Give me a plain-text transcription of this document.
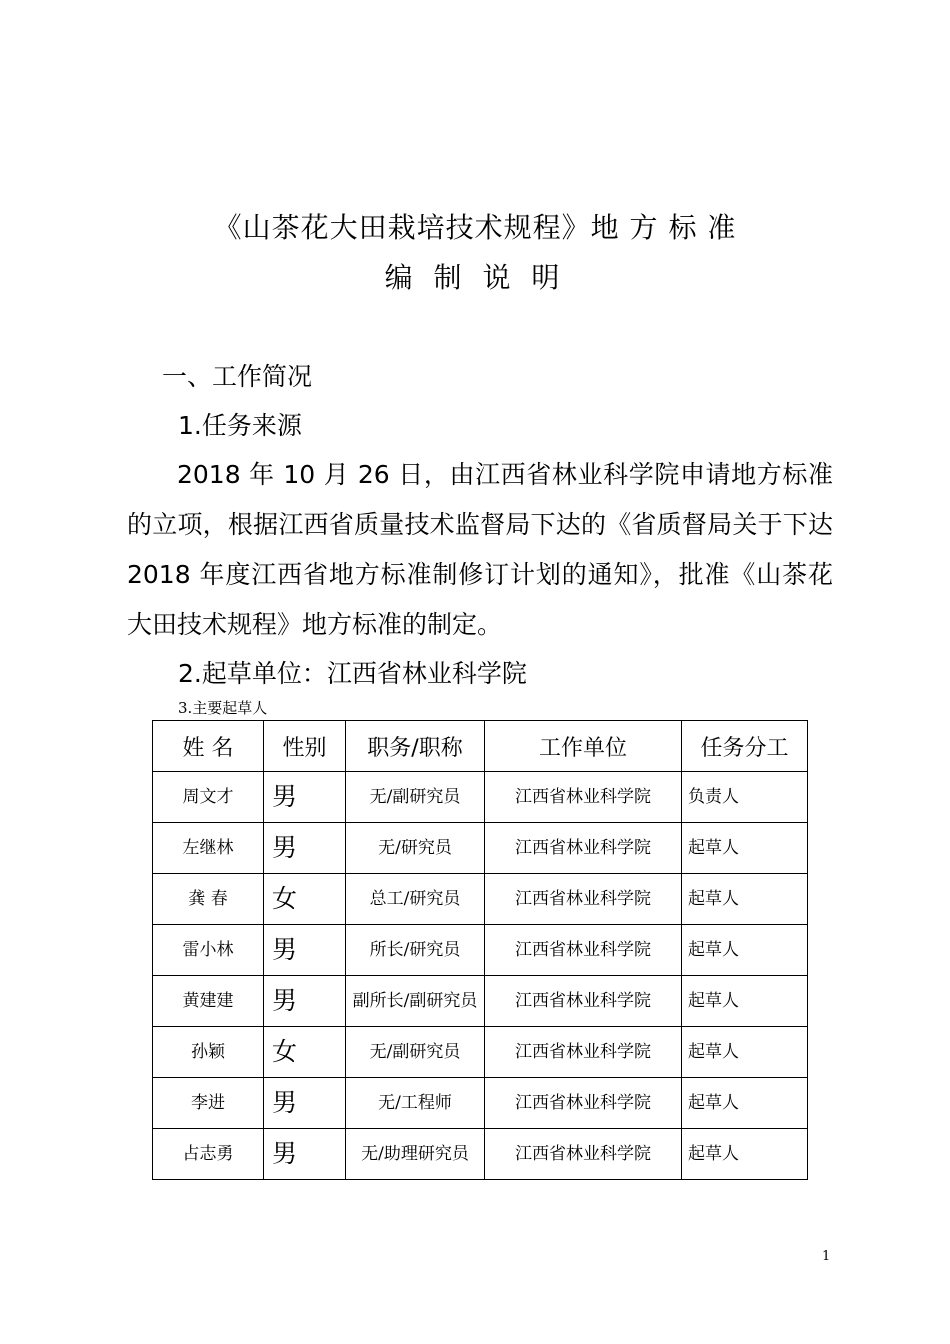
《山茶花大田栽培技术规程》地 方 标 准
编 制 说 明
一、工作简况
1.任务来源
2018 年 10 月 26 日，由江西省林业科学院申请地方标准的立项，根据江西省质量技术监督局下达的《省质督局关于下达 2018 年度江西省地方标准制修订计划的通知》，批准《山茶花大田技术规程》地方标准的制定。
2.起草单位：江西省林业科学院
3.主要起草人
姓 名	性别	职务/职称	工作单位	任务分工
周文才	男	无/副研究员	江西省林业科学院	负责人
左继林	男	无/研究员	江西省林业科学院	起草人
龚 春	女	总工/研究员	江西省林业科学院	起草人
雷小林	男	所长/研究员	江西省林业科学院	起草人
黄建建	男	副所长/副研究员	江西省林业科学院	起草人
孙颖	女	无/副研究员	江西省林业科学院	起草人
李进	男	无/工程师	江西省林业科学院	起草人
占志勇	男	无/助理研究员	江西省林业科学院	起草人
1
